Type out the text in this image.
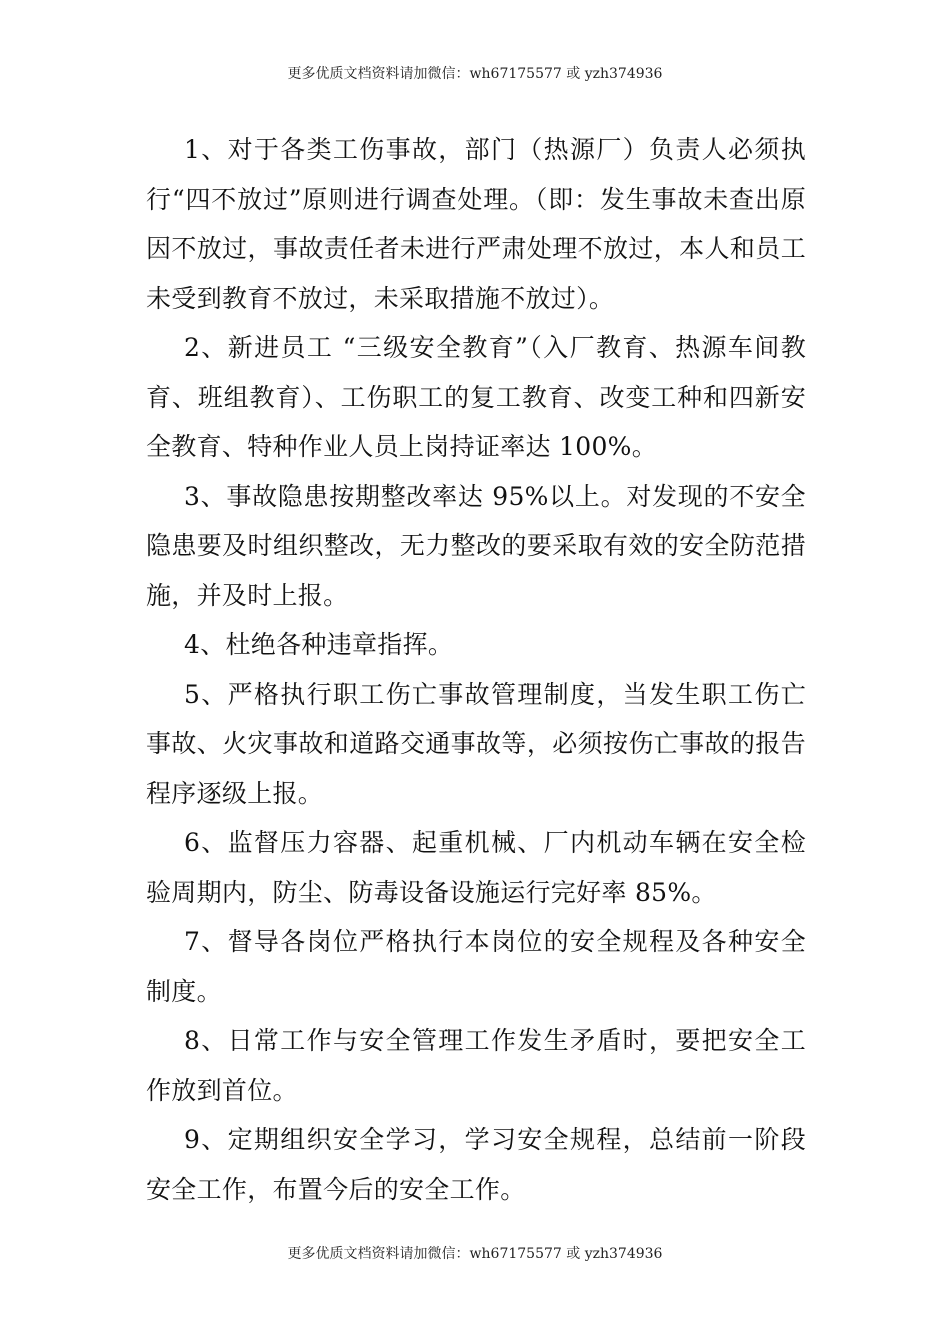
更多优质文档资料请加微信：wh67175577 或 yzh374936

1、对于各类工伤事故，部门（热源厂）负责人必须执行“四不放过”原则进行调查处理。（即：发生事故未查出原因不放过，事故责任者未进行严肃处理不放过，本人和员工未受到教育不放过，未采取措施不放过）。

2、新进员工 “三级安全教育”（入厂教育、热源车间教育、班组教育）、工伤职工的复工教育、改变工种和四新安全教育、特种作业人员上岗持证率达 100%。

3、事故隐患按期整改率达 95%以上。对发现的不安全隐患要及时组织整改，无力整改的要采取有效的安全防范措施，并及时上报。

4、杜绝各种违章指挥。

5、严格执行职工伤亡事故管理制度，当发生职工伤亡事故、火灾事故和道路交通事故等，必须按伤亡事故的报告程序逐级上报。

6、监督压力容器、起重机械、厂内机动车辆在安全检验周期内，防尘、防毒设备设施运行完好率 85%。

7、督导各岗位严格执行本岗位的安全规程及各种安全制度。

8、日常工作与安全管理工作发生矛盾时，要把安全工作放到首位。

9、定期组织安全学习，学习安全规程，总结前一阶段安全工作，布置今后的安全工作。

更多优质文档资料请加微信：wh67175577 或 yzh374936
